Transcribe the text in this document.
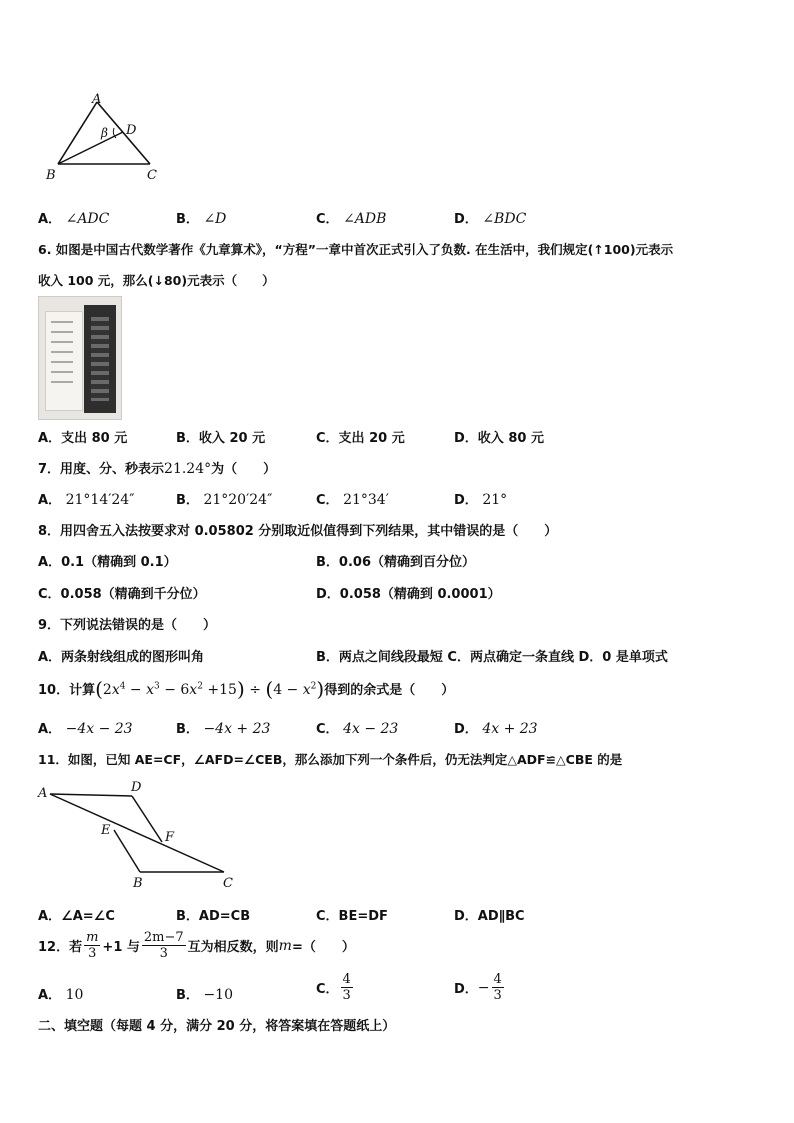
A
B	C
D
β
A． ∠ADC	B． ∠D	C． ∠ADB	D． ∠BDC
6. 如图是中国古代数学著作《九章算术》，“方程”一章中首次正式引入了负数. 在生活中，我们规定(↑100)元表示
收入 100 元，那么(↓80)元表示（　　）
A．支出 80 元	B．收入 20 元	C．支出 20 元	D．收入 80 元
7．用度、分、秒表示21.24°为（　　）
A． 21°14′24″	B． 21°20′24″	C． 21°34′	D． 21°
8．用四舍五入法按要求对 0.05802 分别取近似值得到下列结果，其中错误的是（　　）
A．0.1（精确到 0.1）	B．0.06（精确到百分位）
C．0.058（精确到千分位）	D．0.058（精确到 0.0001）
9．下列说法错误的是（　　）
A．两条射线组成的图形叫角	B．两点之间线段最短 C．两点确定一条直线 D．0 是单项式
10．计算$(2x^4 - x^3 - 6x^2 +15) \div (4 - x^2)$得到的余式是（　　）
A． −4x − 23	B． −4x + 23	C． 4x − 23	D． 4x + 23
11．如图，已知 AE=CF，∠AFD=∠CEB，那么添加下列一个条件后，仍无法判定△ADF≌△CBE 的是
A	D
E	F
B	C
A．∠A=∠C	B．AD=CB	C．BE=DF	D．AD∥BC
12．若 $\frac{m}{3} +1$ 与 $\frac{2m-7}{3}$ 互为相反数，则 m =（　　）
A． 10	B． −10	C． $\frac{4}{3}$	D． − $\frac{4}{3}$
二、填空题（每题 4 分，满分 20 分，将答案填在答题纸上）
